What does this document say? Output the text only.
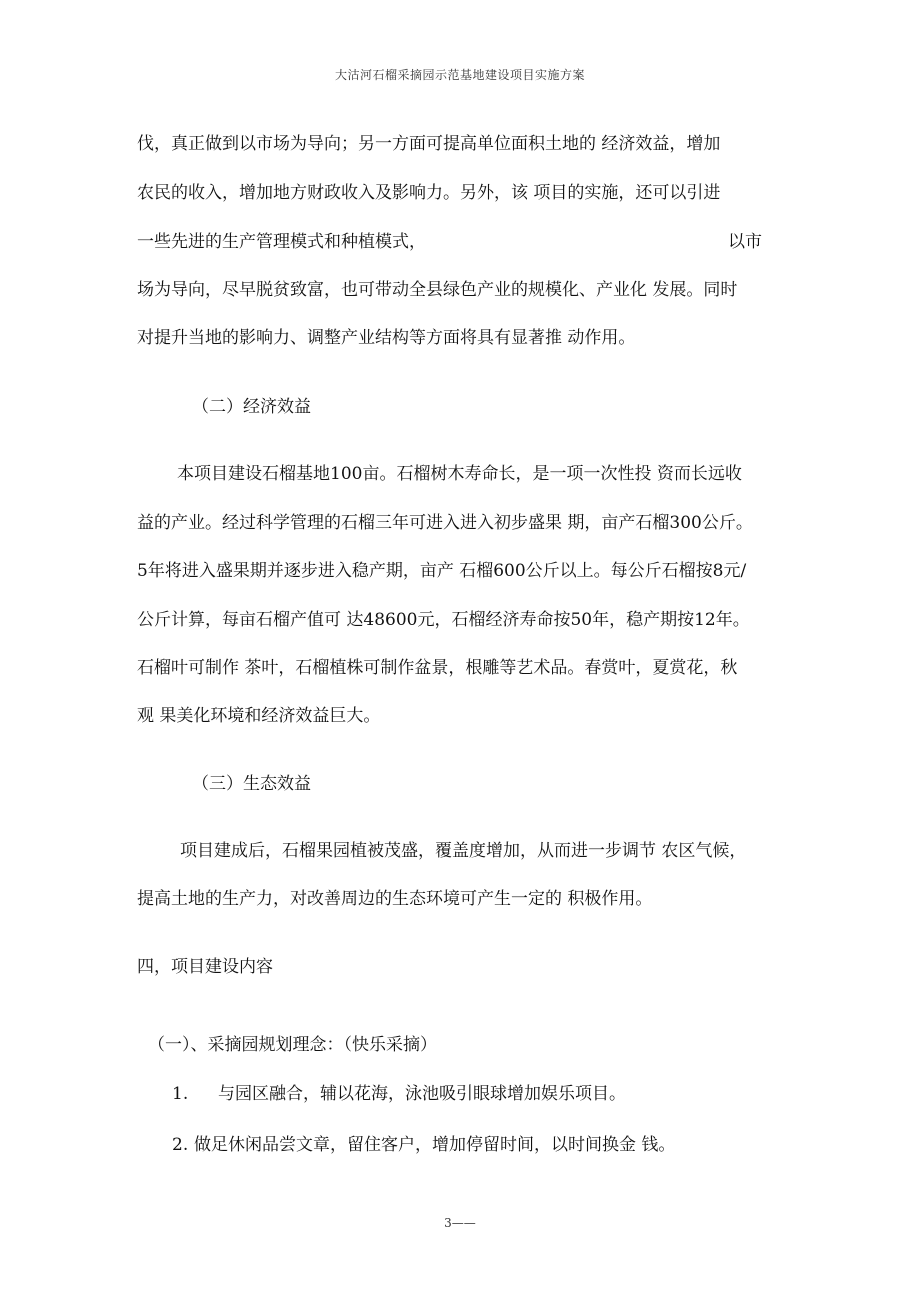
大沽河石榴采摘园示范基地建设项目实施方案
伐，真正做到以市场为导向；另一方面可提高单位面积土地的 经济效益，增加
农民的收入，增加地方财政收入及影响力。另外，该 项目的实施，还可以引进
一些先进的生产管理模式和种植模式，	以市
场为导向，尽早脱贫致富，也可带动全县绿色产业的规模化、产业化 发展。同时
对提升当地的影响力、调整产业结构等方面将具有显著推 动作用。
（二）经济效益
本项目建设石榴基地100亩。石榴树木寿命长，是一项一次性投 资而长远收
益的产业。经过科学管理的石榴三年可进入进入初步盛果 期，亩产石榴300公斤。
5年将进入盛果期并逐步进入稳产期，亩产 石榴600公斤以上。每公斤石榴按8元/
公斤计算，每亩石榴产值可 达48600元，石榴经济寿命按50年，稳产期按12年。
石榴叶可制作 茶叶，石榴植株可制作盆景，根雕等艺术品。春赏叶，夏赏花，秋
观 果美化环境和经济效益巨大。
（三）生态效益
项目建成后，石榴果园植被茂盛，覆盖度增加，从而进一步调节 农区气候，
提高土地的生产力，对改善周边的生态环境可产生一定的 积极作用。
四，项目建设内容
（一）、采摘园规划理念：（快乐采摘）
1. 与园区融合，辅以花海，泳池吸引眼球增加娱乐项目。
2. 做足休闲品尝文章，留住客户，增加停留时间，以时间换金 钱。
3——
